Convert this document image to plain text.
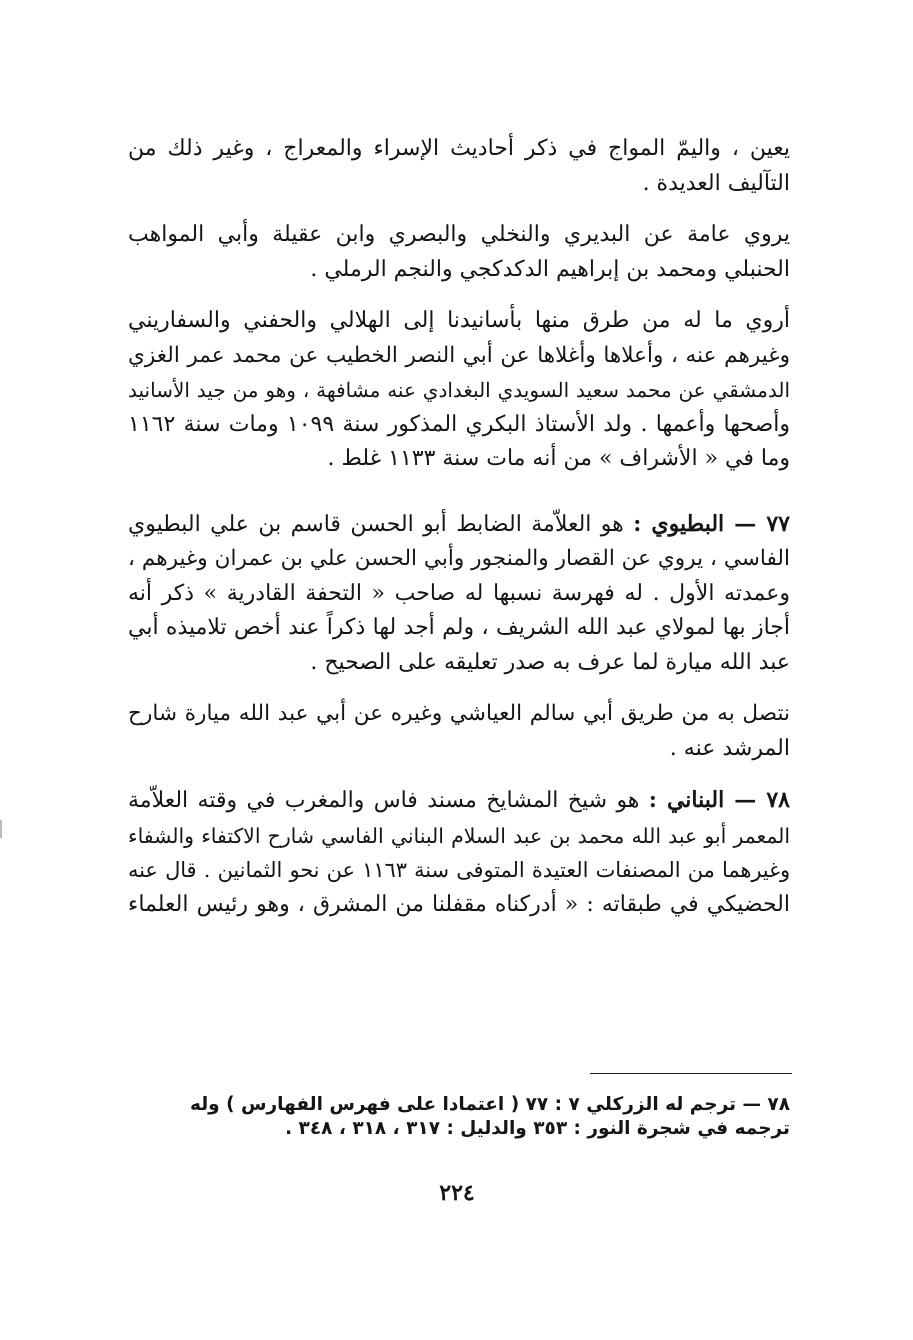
يعين ، واليمّ المواج في ذكر أحاديث الإسراء والمعراج ، وغير ذلك من
التآليف العديدة .

يروي عامة عن البديري والنخلي والبصري وابن عقيلة وأبي المواهب
الحنبلي ومحمد بن إبراهيم الدكدكجي والنجم الرملي .

أروي ما له من طرق منها بأسانيدنا إلى الهلالي والحفني والسفاريني
وغيرهم عنه ، وأعلاها وأغلاها عن أبي النصر الخطيب عن محمد عمر الغزي
الدمشقي عن محمد سعيد السويدي البغدادي عنه مشافهة ، وهو من جيد الأسانيد
وأصحها وأعمها . ولد الأستاذ البكري المذكور سنة ١٠٩٩ ومات سنة ١١٦٢
وما في « الأشراف » من أنه مات سنة ١١٣٣ غلط .

٧٧ — البطيوي : هو العلاّمة الضابط أبو الحسن قاسم بن علي البطيوي
الفاسي ، يروي عن القصار والمنجور وأبي الحسن علي بن عمران وغيرهم ،
وعمدته الأول . له فهرسة نسبها له صاحب « التحفة القادرية » ذكر أنه
أجاز بها لمولاي عبد الله الشريف ، ولم أجد لها ذكراً عند أخص تلاميذه أبي
عبد الله ميارة لما عرف به صدر تعليقه على الصحيح .

نتصل به من طريق أبي سالم العياشي وغيره عن أبي عبد الله ميارة شارح
المرشد عنه .

٧٨ — البناني : هو شيخ المشايخ مسند فاس والمغرب في وقته العلاّمة
المعمر أبو عبد الله محمد بن عبد السلام البناني الفاسي شارح الاكتفاء والشفاء
وغيرهما من المصنفات العتيدة المتوفى سنة ١١٦٣ عن نحو الثمانين . قال عنه
الحضيكي في طبقاته : « أدركناه مقفلنا من المشرق ، وهو رئيس العلماء

٧٨ — ترجم له الزركلي ٧ : ٧٧ ( اعتمادا على فهرس الفهارس ) وله
ترجمه في شجرة النور : ٣٥٣ والدليل : ٣١٧ ، ٣١٨ ، ٣٤٨ .
٢٢٤
